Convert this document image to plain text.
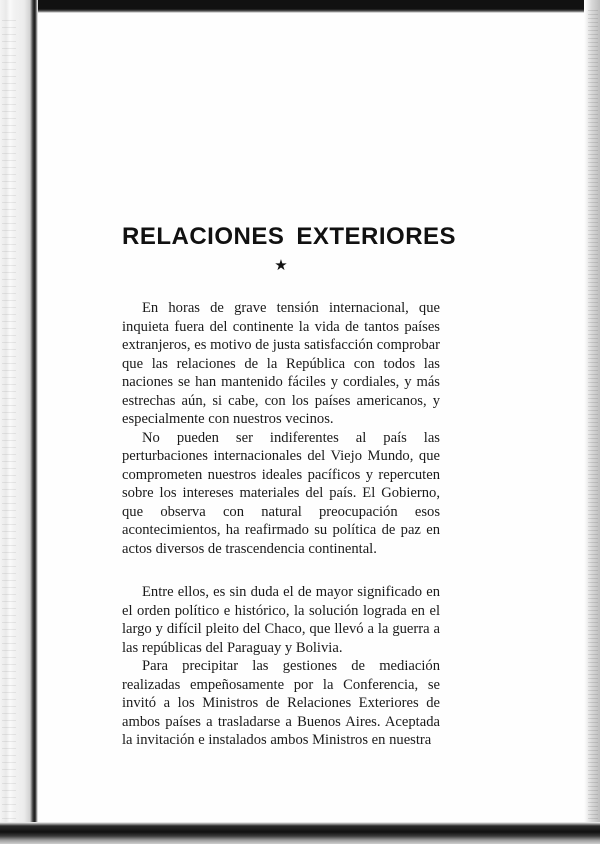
RELACIONES EXTERIORES
★

En horas de grave tensión internacional, que inquieta fuera del continente la vida de tantos países extranjeros, es motivo de justa satisfacción comprobar que las relaciones de la República con todos las naciones se han mantenido fáciles y cordiales, y más estrechas aún, si cabe, con los países americanos, y especialmente con nuestros vecinos.

No pueden ser indiferentes al país las perturbaciones internacionales del Viejo Mundo, que comprometen nuestros ideales pacíficos y repercuten sobre los intereses materiales del país. El Gobierno, que observa con natural preocupación esos acontecimientos, ha reafirmado su política de paz en actos diversos de trascendencia continental.

Entre ellos, es sin duda el de mayor significado en el orden político e histórico, la solución lograda en el largo y difícil pleito del Chaco, que llevó a la guerra a las repúblicas del Paraguay y Bolivia.

Para precipitar las gestiones de mediación realizadas empeñosamente por la Conferencia, se invitó a los Ministros de Relaciones Exteriores de ambos países a trasladarse a Buenos Aires. Aceptada la invitación e instalados ambos Ministros en nuestra
